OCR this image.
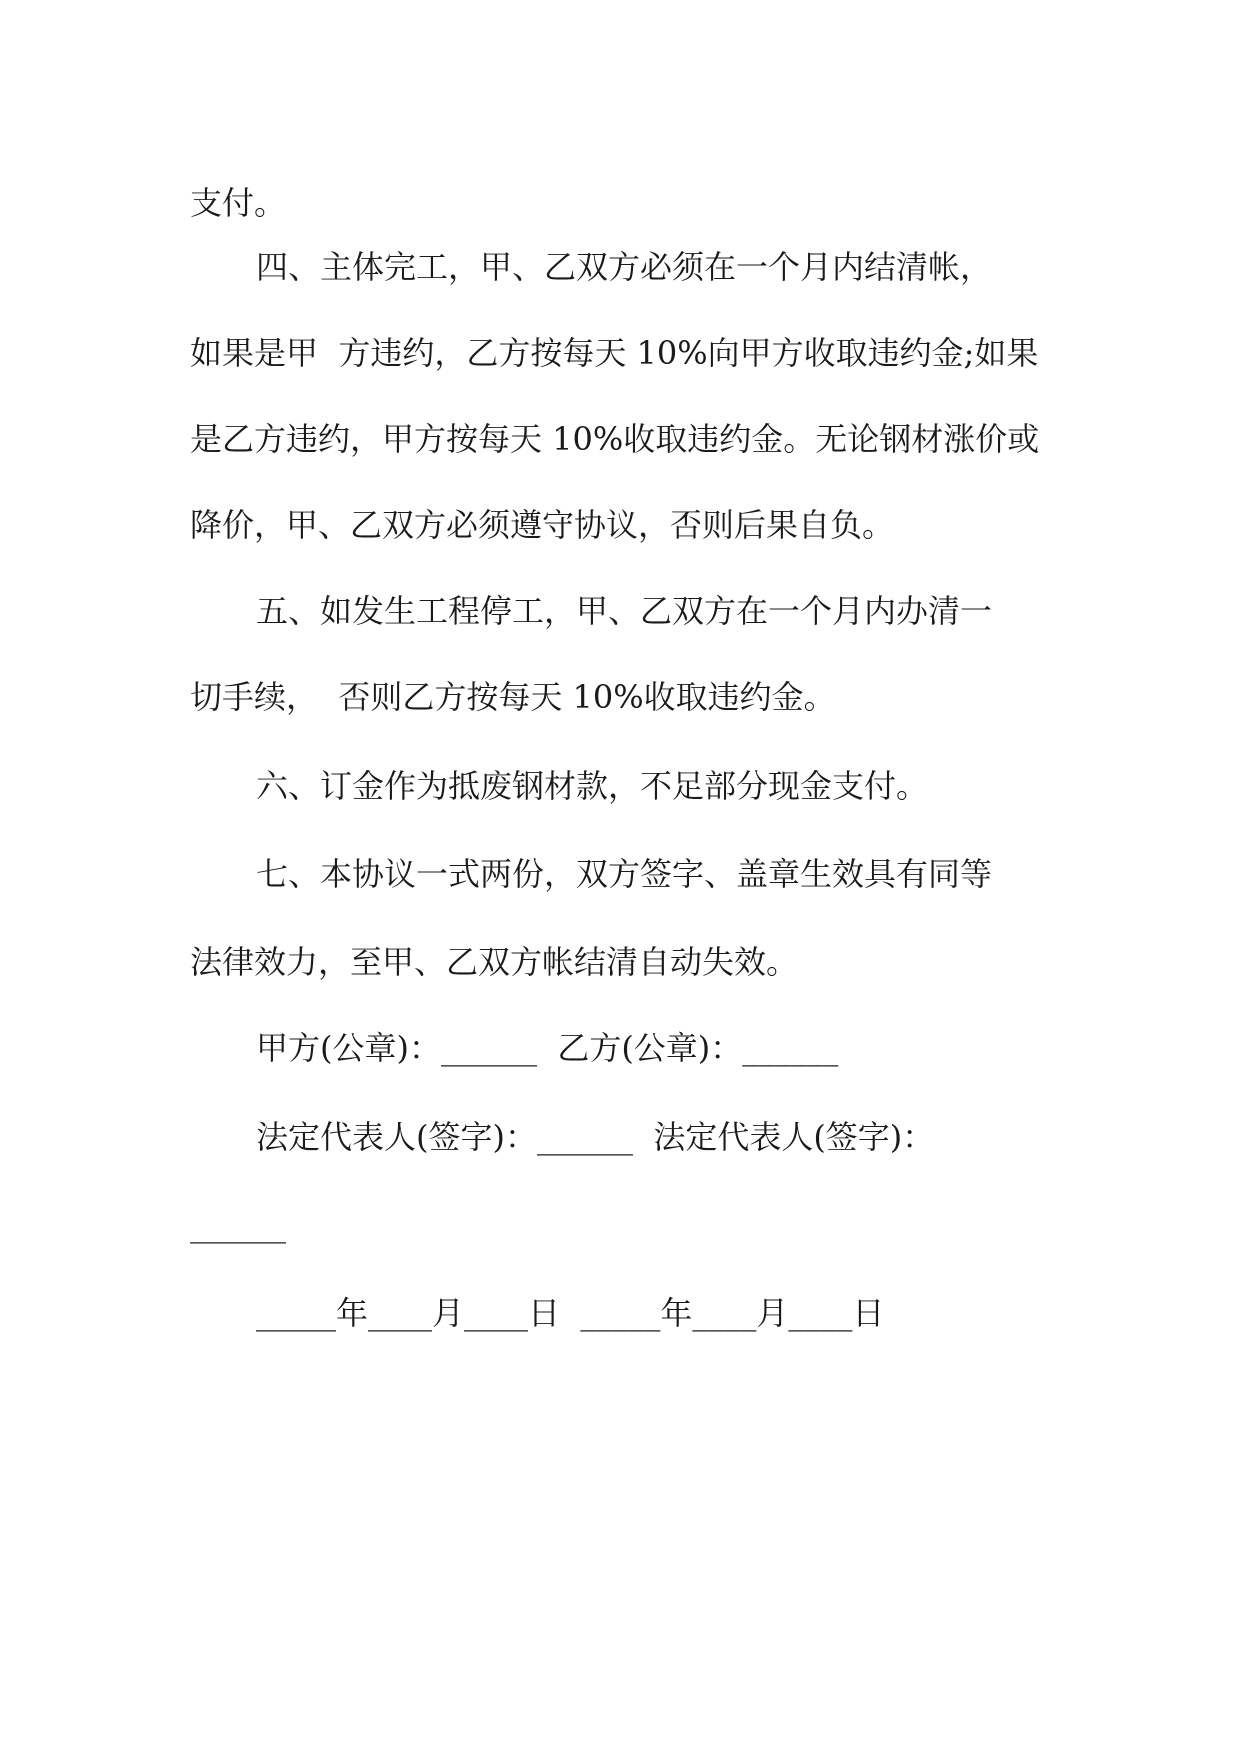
支付。
四、主体完工，甲、乙双方必须在一个月内结清帐，
如果是甲  方违约，乙方按每天 10%向甲方收取违约金;如果
是乙方违约，甲方按每天 10%收取违约金。无论钢材涨价或
降价，甲、乙双方必须遵守协议，否则后果自负。
五、如发生工程停工，甲、乙双方在一个月内办清一
切手续，  否则乙方按每天 10%收取违约金。
六、订金作为抵废钢材款，不足部分现金支付。
七、本协议一式两份，双方签字、盖章生效具有同等
法律效力，至甲、乙双方帐结清自动失效。
甲方(公章)：______  乙方(公章)：______
法定代表人(签字)：______  法定代表人(签字)：
______
_____年____月____日  _____年____月____日
